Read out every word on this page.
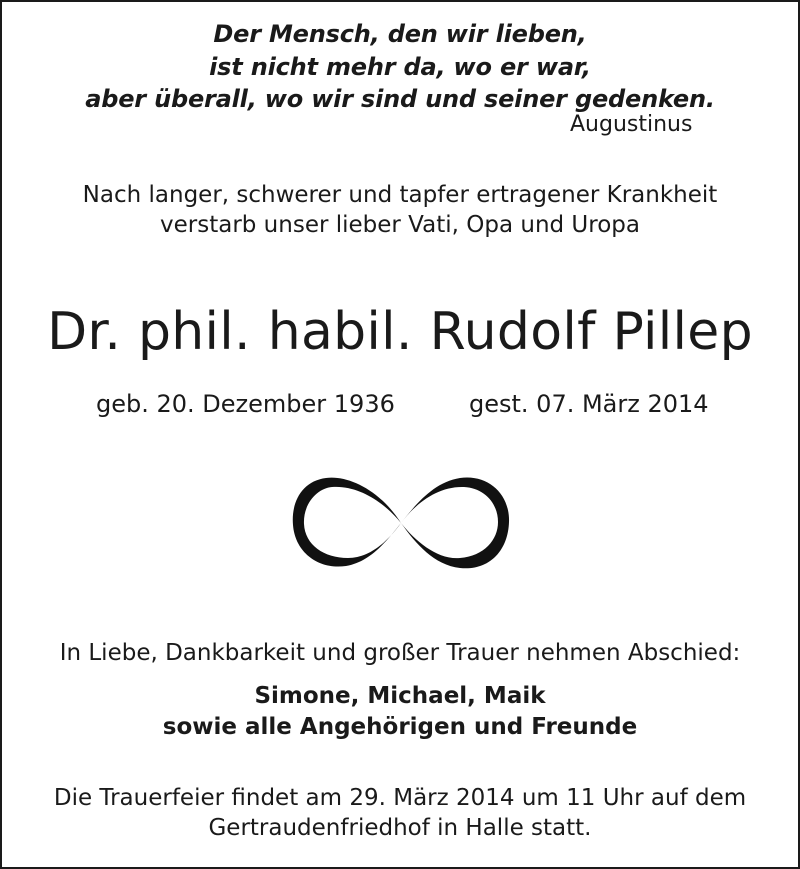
Der Mensch, den wir lieben,
ist nicht mehr da, wo er war,
aber überall, wo wir sind und seiner gedenken.
Augustinus
Nach langer, schwerer und tapfer ertragener Krankheit
verstarb unser lieber Vati, Opa und Uropa
Dr. phil. habil. Rudolf Pillep
geb. 20. Dezember 1936	gest. 07. März 2014
In Liebe, Dankbarkeit und großer Trauer nehmen Abschied:
Simone, Michael, Maik
sowie alle Angehörigen und Freunde
Die Trauerfeier findet am 29. März 2014 um 11 Uhr auf dem
Gertraudenfriedhof in Halle statt.
